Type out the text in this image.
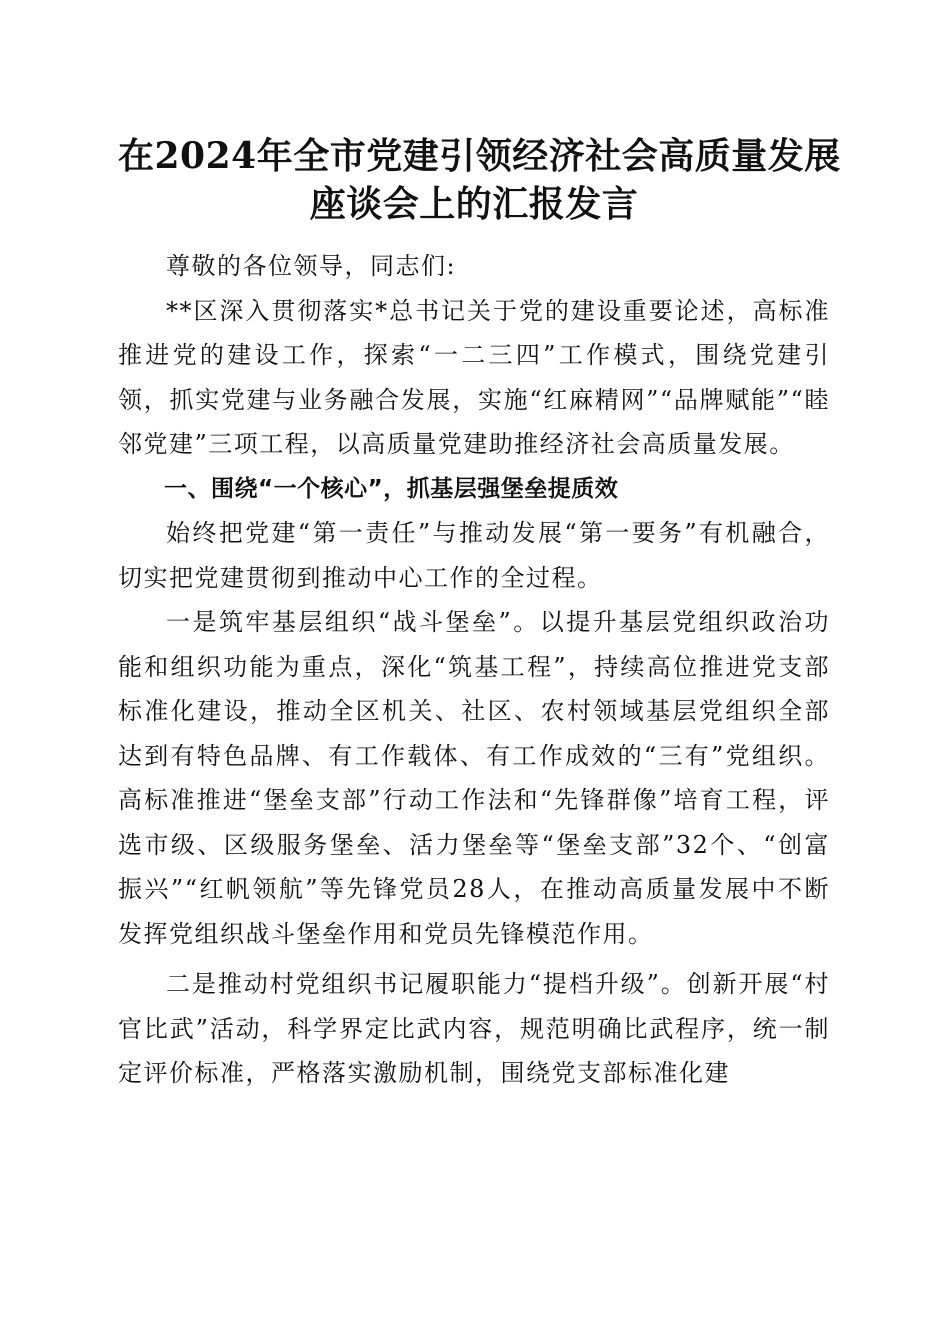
在2024年全市党建引领经济社会高质量发展
座谈会上的汇报发言

尊敬的各位领导，同志们:

**区深入贯彻落实*总书记关于党的建设重要论述，高标准推进党的建设工作，探索“一二三四”工作模式，围绕党建引领，抓实党建与业务融合发展，实施“红麻精网”“品牌赋能”“睦邻党建”三项工程，以高质量党建助推经济社会高质量发展。

一、围绕“一个核心”，抓基层强堡垒提质效

始终把党建“第一责任”与推动发展“第一要务”有机融合，切实把党建贯彻到推动中心工作的全过程。

一是筑牢基层组织“战斗堡垒”。以提升基层党组织政治功能和组织功能为重点，深化“筑基工程”，持续高位推进党支部标准化建设，推动全区机关、社区、农村领域基层党组织全部达到有特色品牌、有工作载体、有工作成效的“三有”党组织。高标准推进“堡垒支部”行动工作法和“先锋群像”培育工程，评选市级、区级服务堡垒、活力堡垒等“堡垒支部”32个、“创富振兴”“红帆领航”等先锋党员28人，在推动高质量发展中不断发挥党组织战斗堡垒作用和党员先锋模范作用。

二是推动村党组织书记履职能力“提档升级”。创新开展“村官比武”活动，科学界定比武内容，规范明确比武程序，统一制定评价标准，严格落实激励机制，围绕党支部标准化建
